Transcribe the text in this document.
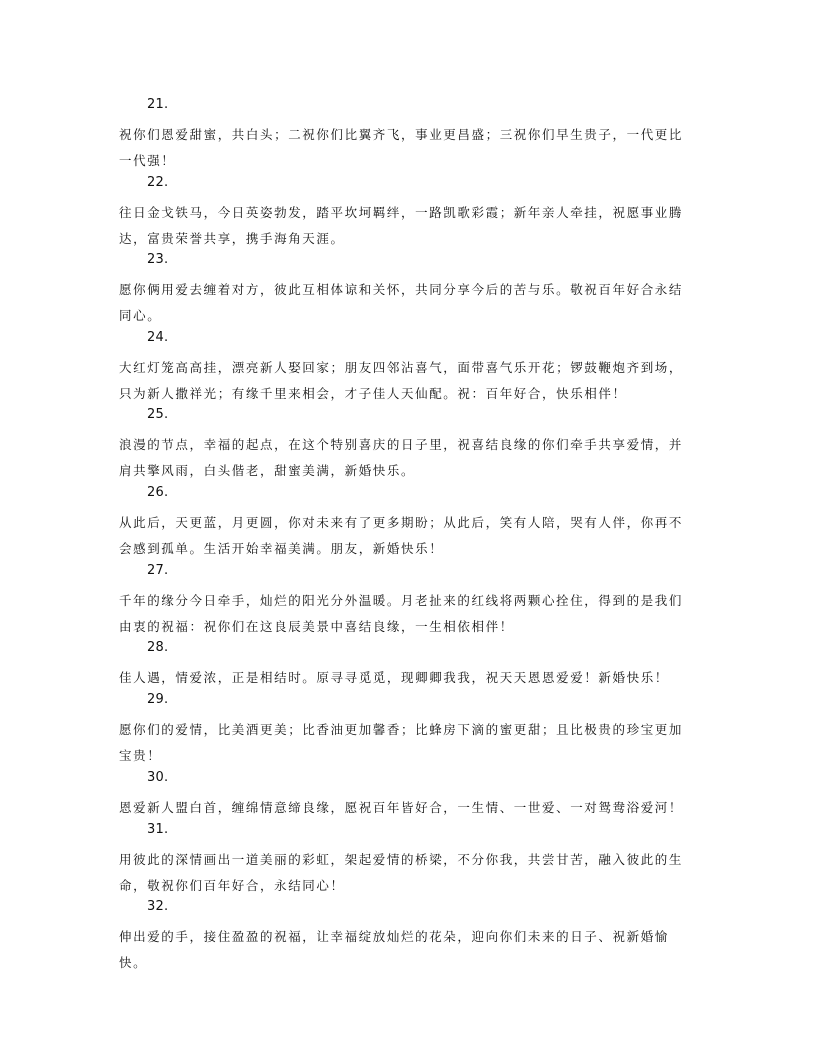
21.
祝你们恩爱甜蜜，共白头；二祝你们比翼齐飞，事业更昌盛；三祝你们早生贵子，一代更比一代强！
22.
往日金戈铁马，今日英姿勃发，踏平坎坷羁绊，一路凯歌彩霞；新年亲人牵挂，祝愿事业腾达，富贵荣誉共享，携手海角天涯。
23.
愿你俩用爱去缠着对方，彼此互相体谅和关怀，共同分享今后的苦与乐。敬祝百年好合永结同心。
24.
大红灯笼高高挂，漂亮新人娶回家；朋友四邻沾喜气，面带喜气乐开花；锣鼓鞭炮齐到场，只为新人撒祥光；有缘千里来相会，才子佳人天仙配。祝：百年好合，快乐相伴！
25.
浪漫的节点，幸福的起点，在这个特别喜庆的日子里，祝喜结良缘的你们牵手共享爱情，并肩共擎风雨，白头偕老，甜蜜美满，新婚快乐。
26.
从此后，天更蓝，月更圆，你对未来有了更多期盼；从此后，笑有人陪，哭有人伴，你再不会感到孤单。生活开始幸福美满。朋友，新婚快乐！
27.
千年的缘分今日牵手，灿烂的阳光分外温暖。月老扯来的红线将两颗心拴住，得到的是我们由衷的祝福：祝你们在这良辰美景中喜结良缘，一生相依相伴！
28.
佳人遇，情爱浓，正是相结时。原寻寻觅觅，现卿卿我我，祝天天恩恩爱爱！新婚快乐！
29.
愿你们的爱情，比美酒更美；比香油更加馨香；比蜂房下滴的蜜更甜；且比极贵的珍宝更加宝贵！
30.
恩爱新人盟白首，缠绵情意缔良缘，愿祝百年皆好合，一生情、一世爱、一对鸳鸯浴爱河！
31.
用彼此的深情画出一道美丽的彩虹，架起爱情的桥梁，不分你我，共尝甘苦，融入彼此的生命，敬祝你们百年好合，永结同心！
32.
伸出爱的手，接住盈盈的祝福，让幸福绽放灿烂的花朵，迎向你们未来的日子、祝新婚愉快。
